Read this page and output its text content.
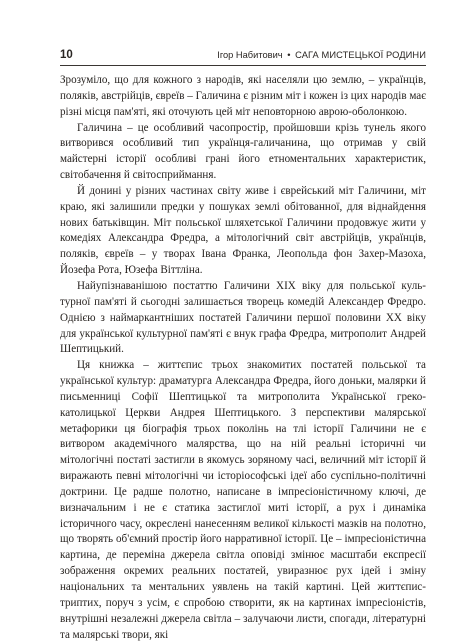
10	Ігор Набитович • САГА МИСТЕЦЬКОЇ РОДИНИ

Зрозуміло, що для кожного з народів, які населяли цю землю, – українців, поляків, австрійців, євреїв – Галичина є різним міт і кожен із цих народів має різні місця пам'яті, які оточують цей міт неповторною аврою-оболонкою.

Галичина – це особливий часопростір, пройшовши крізь тунель якого витворився особливий тип українця-галичанина, що отримав у свій майстерні історії особливі грані його етноментальних характеристик, світобачення й світосприймання.

Й донині у різних частинах світу живе і єврейський міт Галичини, міт краю, які залишили предки у пошуках землі обітованної, для віднайдення нових батьківщин. Міт польської шляхетської Галичини продовжує жити у комедіях Александра Фредра, а мітологічний світ австрійців, українців, поляків, євреїв – у творах Івана Франка, Леопольда фон Захер-Мазоха, Йозефа Рота, Юзефа Віттліна.

Найупізнаванішою постаттю Галичини XIX віку для польської культурної пам'яті й сьогодні залишається творець комедій Александер Фредро. Однією з наймаркантніших постатей Галичини першої половини XX віку для української культурної пам'яті є внук графа Фредра, митрополит Андрей Шептицький.

Ця книжка – життєпис трьох знакомитих постатей польської та української культур: драматурга Александра Фредра, його доньки, малярки й письменниці Софії Шептицької та митрополита Української греко-католицької Церкви Андрея Шептицького. З перспективи малярської метафорики ця біографія трьох поколінь на тлі історії Галичини не є витвором академічного малярства, що на ній реальні історичні чи мітологічні постаті застигли в якомусь зоряному часі, величний міт історії й виражають певні мітологічні чи історіософські ідеї або суспільно-політичні доктрини. Це радше полотно, написане в імпресіоністичному ключі, де визначальним і не є статика застиглої миті історії, а рух і динаміка історичного часу, окреслені нанесенням великої кількості мазків на полотно, що творять об'ємний простір його нарративної історії. Це – імпресіоністична картина, де переміна джерела світла оповіді змінює масштаби експресії зображення окремих реальних постатей, увиразнює рух ідей і зміну національних та ментальних уявлень на такій картині. Цей життєпис-триптих, поруч з усім, є спробою створити, як на картинах імпресіоністів, внутрішні незалежні джерела світла – залучаючи листи, спогади, літературні та малярські твори, які
